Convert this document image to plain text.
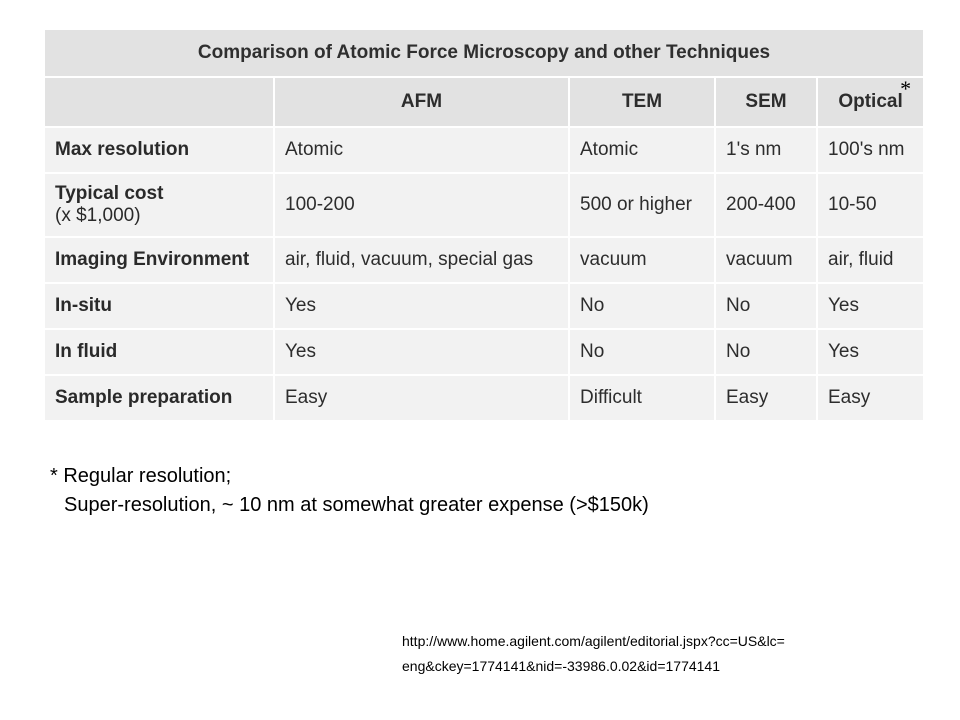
Comparison of Atomic Force Microscopy and other Techniques				
	AFM	TEM	SEM	Optical
*

Max resolution	Atomic	Atomic	1's nm	100's nm

Typical cost
(x $1,000)	100-200	500 or higher	200-400	10-50

Imaging Environment	air, fluid, vacuum, special gas	vacuum	vacuum	air, fluid

In-situ	Yes	No	No	Yes

In fluid	Yes	No	No	Yes

Sample preparation	Easy	Difficult	Easy	Easy
* Regular resolution;
Super-resolution, ~ 10 nm at somewhat greater expense (>$150k)
http://www.home.agilent.com/agilent/editorial.jspx?cc=US&lc=
eng&ckey=1774141&nid=-33986.0.02&id=1774141
